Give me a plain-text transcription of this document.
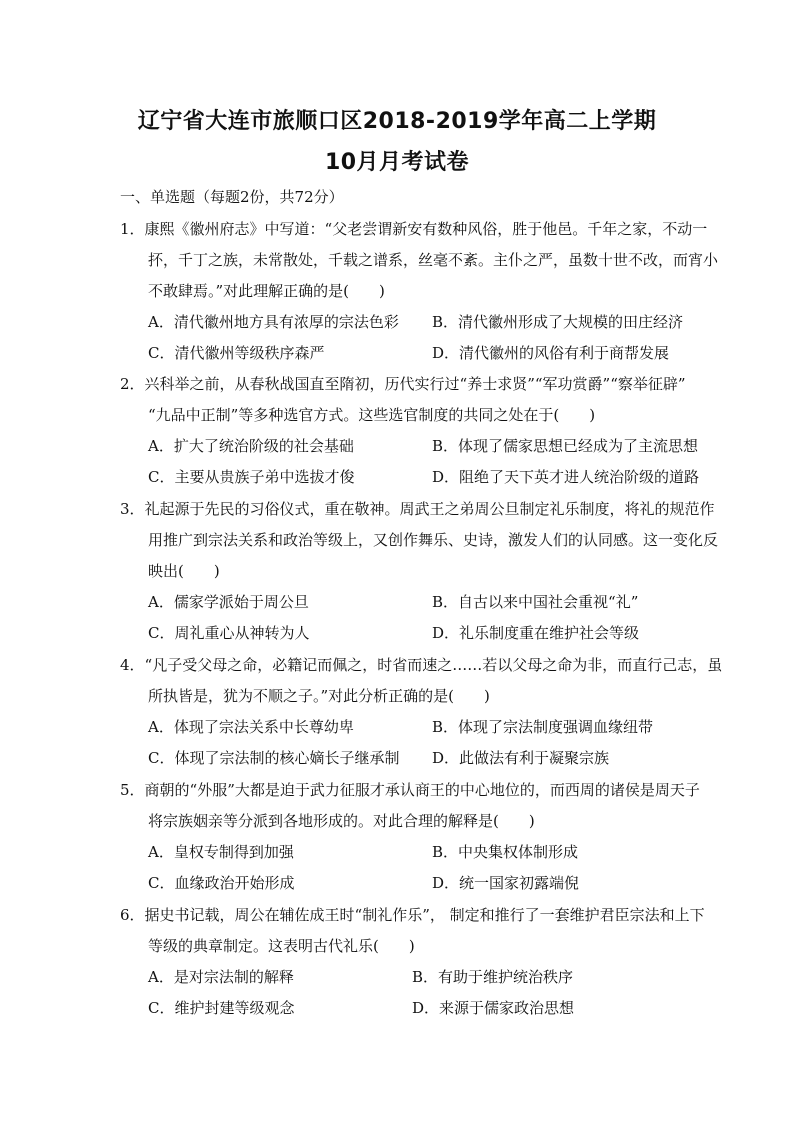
辽宁省大连市旅顺口区2018-2019学年高二上学期
10月月考试卷
一、单选题（每题2份，共72分）
1．康熙《徽州府志》中写道：“父老尝谓新安有数种风俗，胜于他邑。千年之家，不动一
抔，千丁之族，未常散处，千载之谱系，丝毫不紊。主仆之严，虽数十世不改，而宵小
不敢肆焉。”对此理解正确的是(　　)
A．清代徽州地方具有浓厚的宗法色彩 B．清代徽州形成了大规模的田庄经济
C．清代徽州等级秩序森严	D．清代徽州的风俗有利于商帮发展
2．兴科举之前，从春秋战国直至隋初，历代实行过“养士求贤”“军功赏爵”“察举征辟”
“九品中正制”等多种选官方式。这些选官制度的共同之处在于(　　)
A．扩大了统治阶级的社会基础	B．体现了儒家思想已经成为了主流思想
C．主要从贵族子弟中选拔才俊	D．阻绝了天下英才进人统治阶级的道路
3．礼起源于先民的习俗仪式，重在敬神。周武王之弟周公旦制定礼乐制度，将礼的规范作
用推广到宗法关系和政治等级上，又创作舞乐、史诗，激发人们的认同感。这一变化反
映出(　　)
A．儒家学派始于周公旦	B．自古以来中国社会重视“礼”
C．周礼重心从神转为人	D．礼乐制度重在维护社会等级
4．“凡子受父母之命，必籍记而佩之，时省而速之……若以父母之命为非，而直行己志，虽
所执皆是，犹为不顺之子。”对此分析正确的是(　　)
A．体现了宗法关系中长尊幼卑	B．体现了宗法制度强调血缘纽带
C．体现了宗法制的核心嫡长子继承制 D．此做法有利于凝聚宗族
5．商朝的“外服”大都是迫于武力征服才承认商王的中心地位的，而西周的诸侯是周天子
将宗族姻亲等分派到各地形成的。对此合理的解释是(　　)
A．皇权专制得到加强	B．中央集权体制形成
C．血缘政治开始形成	D．统一国家初露端倪
6．据史书记载，周公在辅佐成王时“制礼作乐”， 制定和推行了一套维护君臣宗法和上下
等级的典章制定。这表明古代礼乐(　　)
A．是对宗法制的解释	B．有助于维护统治秩序
C．维护封建等级观念	D．来源于儒家政治思想
